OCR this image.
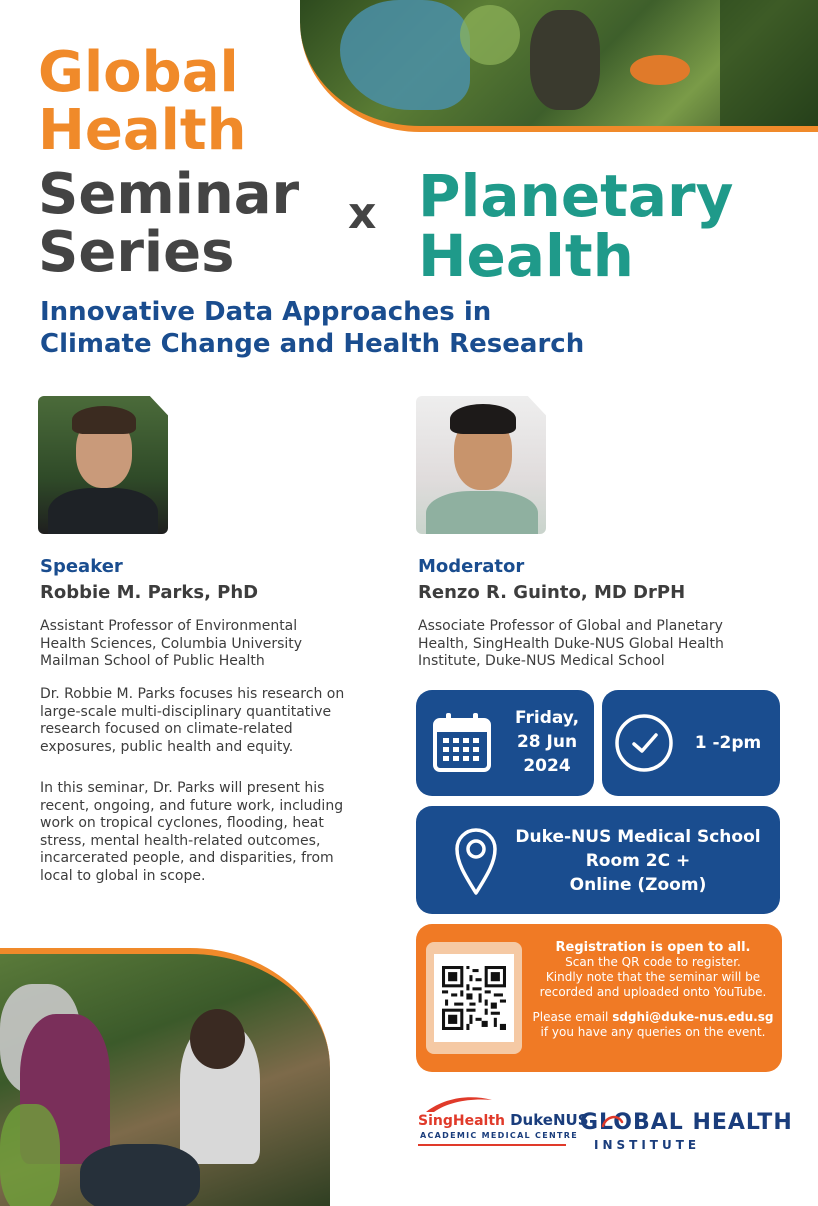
Global
Health
Seminar
Series
x Planetary
Health
Innovative Data Approaches in
Climate Change and Health Research
Speaker
Robbie M. Parks, PhD
Assistant Professor of Environmental
Health Sciences, Columbia University
Mailman School of Public Health
Dr. Robbie M. Parks focuses his research on
large-scale multi-disciplinary quantitative
research focused on climate-related
exposures, public health and equity.
In this seminar, Dr. Parks will present his
recent, ongoing, and future work, including
work on tropical cyclones, flooding, heat
stress, mental health-related outcomes,
incarcerated people, and disparities, from
local to global in scope.
Moderator
Renzo R. Guinto, MD DrPH
Associate Professor of Global and Planetary
Health, SingHealth Duke-NUS Global Health
Institute, Duke-NUS Medical School
Friday,
28 Jun
2024
1 -2pm
Duke-NUS Medical School
Room 2C +
Online (Zoom)
Registration is open to all.
Scan the QR code to register.
Kindly note that the seminar will be
recorded and uploaded onto YouTube.
Please email sdghi@duke-nus.edu.sg
if you have any queries on the event.
SingHealth DukeNUS
ACADEMIC MEDICAL CENTRE
GLOBAL HEALTH
INSTITUTE
